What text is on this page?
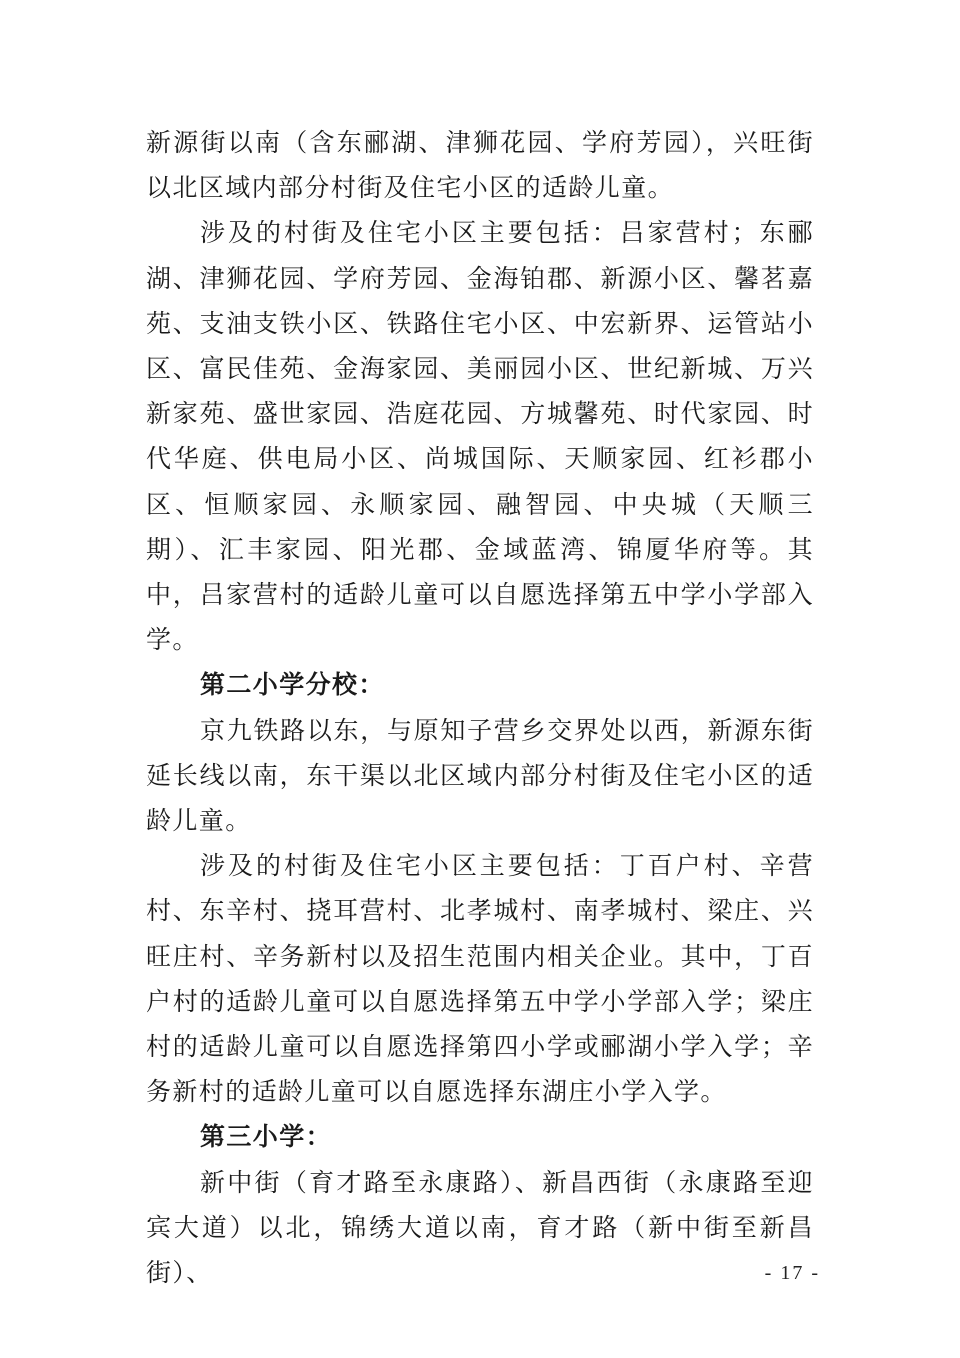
新源街以南（含东郦湖、津狮花园、学府芳园），兴旺街以北区域内部分村街及住宅小区的适龄儿童。

涉及的村街及住宅小区主要包括：吕家营村；东郦湖、津狮花园、学府芳园、金海铂郡、新源小区、馨茗嘉苑、支油支铁小区、铁路住宅小区、中宏新界、运管站小区、富民佳苑、金海家园、美丽园小区、世纪新城、万兴新家苑、盛世家园、浩庭花园、方城馨苑、时代家园、时代华庭、供电局小区、尚城国际、天顺家园、红衫郡小区、恒顺家园、永顺家园、融智园、中央城（天顺三期）、汇丰家园、阳光郡、金域蓝湾、锦厦华府等。其中，吕家营村的适龄儿童可以自愿选择第五中学小学部入学。

第二小学分校：

京九铁路以东，与原知子营乡交界处以西，新源东街延长线以南，东干渠以北区域内部分村街及住宅小区的适龄儿童。

涉及的村街及住宅小区主要包括：丁百户村、辛营村、东辛村、挠耳营村、北孝城村、南孝城村、梁庄、兴旺庄村、辛务新村以及招生范围内相关企业。其中，丁百户村的适龄儿童可以自愿选择第五中学小学部入学；梁庄村的适龄儿童可以自愿选择第四小学或郦湖小学入学；辛务新村的适龄儿童可以自愿选择东湖庄小学入学。

第三小学：

新中街（育才路至永康路）、新昌西街（永康路至迎宾大道）以北，锦绣大道以南，育才路（新中街至新昌街）、	- 17 -
